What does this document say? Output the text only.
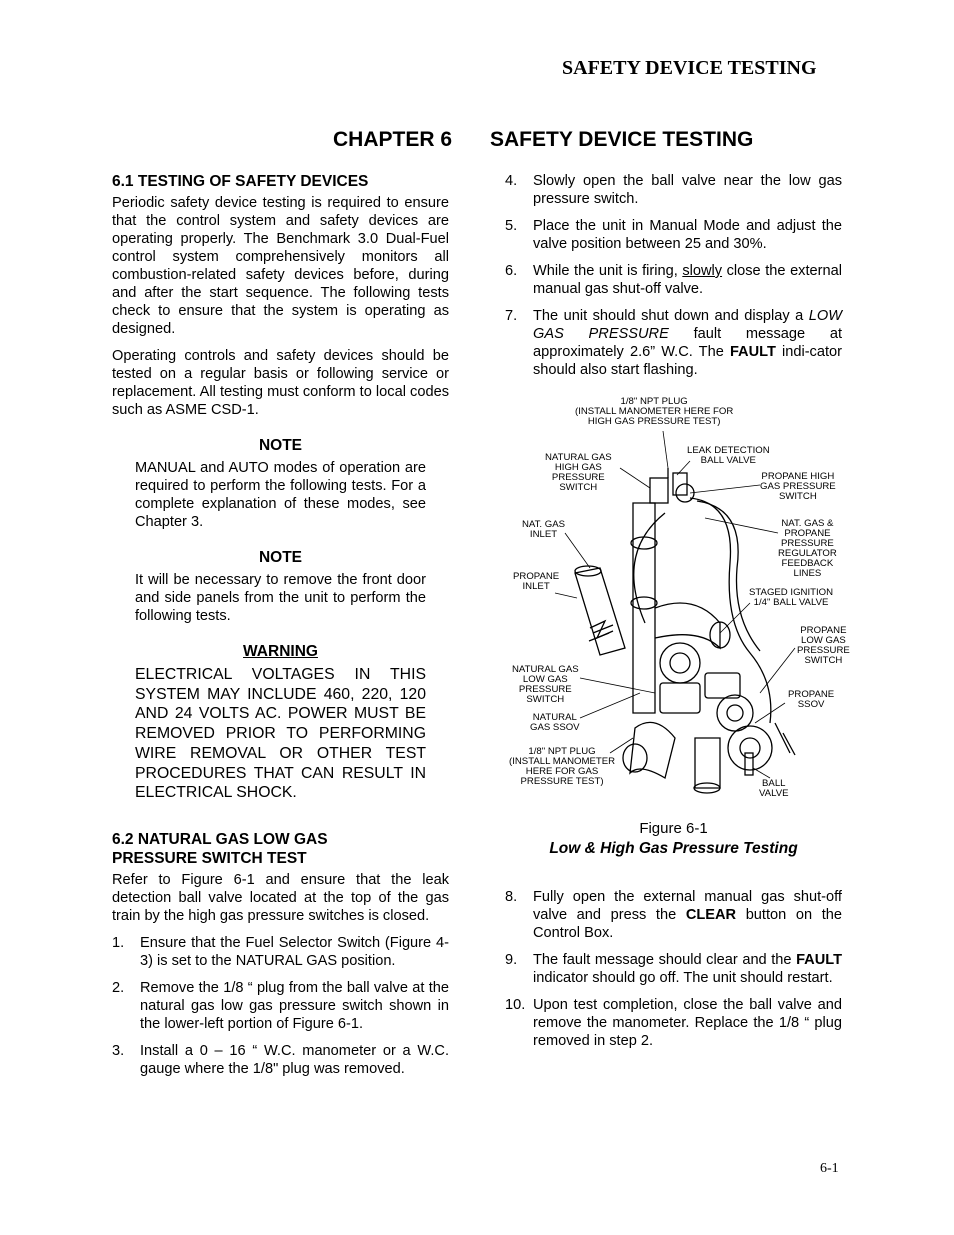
SAFETY DEVICE TESTING
CHAPTER 6 SAFETY DEVICE TESTING
6.1 TESTING OF SAFETY DEVICES

Periodic safety device testing is required to ensure that the control system and safety devices are operating properly. The Benchmark 3.0 Dual-Fuel control system comprehensively monitors all combustion-related safety devices before, during and after the start sequence. The following tests check to ensure that the system is operating as designed.

Operating controls and safety devices should be tested on a regular basis or following service or replacement. All testing must conform to local codes such as ASME CSD-1.

NOTE

MANUAL and AUTO modes of operation are required to perform the following tests. For a complete explanation of these modes, see Chapter 3.

NOTE

It will be necessary to remove the front door and side panels from the unit to perform the following tests.

WARNING

ELECTRICAL VOLTAGES IN THIS SYSTEM MAY INCLUDE 460, 220, 120 AND 24 VOLTS AC. POWER MUST BE REMOVED PRIOR TO PERFORMING WIRE REMOVAL OR OTHER TEST PROCEDURES THAT CAN RESULT IN ELECTRICAL SHOCK.

6.2 NATURAL GAS LOW GAS
PRESSURE SWITCH TEST

Refer to Figure 6-1 and ensure that the leak detection ball valve located at the top of the gas train by the high gas pressure switches is closed.

1. Ensure that the Fuel Selector Switch (Figure 4-3) is set to the NATURAL GAS position.
2. Remove the 1/8 “ plug from the ball valve at the natural gas low gas pressure switch shown in the lower-left portion of Figure 6-1.
3. Install a 0 – 16 “ W.C. manometer or a W.C. gauge where the 1/8" plug was removed.
4. Slowly open the ball valve near the low gas pressure switch.
5. Place the unit in Manual Mode and adjust the valve position between 25 and 30%.
6. While the unit is firing, slowly close the external manual gas shut-off valve.
7. The unit should shut down and display a LOW GAS PRESSURE fault message at approximately 2.6” W.C. The FAULT indi-cator should also start flashing.
1/8" NPT PLUG
(INSTALL MANOMETER HERE FOR
HIGH GAS PRESSURE TEST)
LEAK DETECTION
BALL VALVE
NATURAL GAS
HIGH GAS
PRESSURE
SWITCH
PROPANE HIGH
GAS PRESSURE
SWITCH
NAT. GAS
INLET
NAT. GAS &
PROPANE
PRESSURE
REGULATOR
FEEDBACK
LINES
PROPANE
INLET
STAGED IGNITION
1/4" BALL VALVE
PROPANE
LOW GAS
PRESSURE
SWITCH
NATURAL GAS
LOW GAS
PRESSURE
SWITCH	PROPANE
SSOV
NATURAL
GAS SSOV
1/8" NPT PLUG
(INSTALL MANOMETER
HERE FOR GAS
PRESSURE TEST)	BALL
VALVE
Figure 6-1
Low & High Gas Pressure Testing
8. Fully open the external manual gas shut-off valve and press the CLEAR button on the Control Box.
9. The fault message should clear and the FAULT indicator should go off. The unit should restart.
10. Upon test completion, close the ball valve and remove the manometer. Replace the 1/8 “ plug removed in step 2.
6-1
